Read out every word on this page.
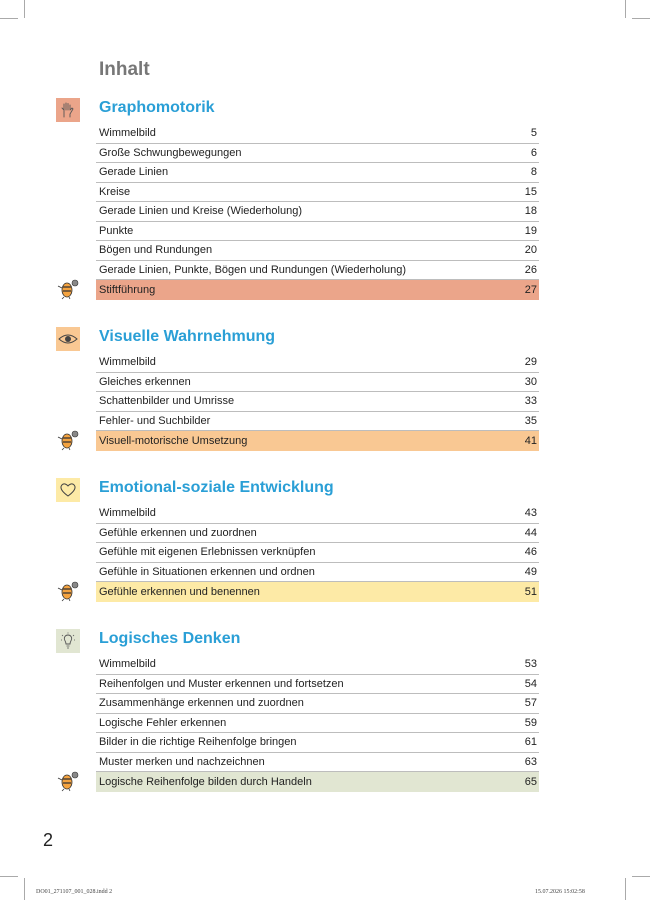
Inhalt
Graphomotorik
Wimmelbild	5
Große Schwungbewegungen	6
Gerade Linien	8
Kreise	15
Gerade Linien und Kreise (Wiederholung)	18
Punkte	19
Bögen und Rundungen	20
Gerade Linien, Punkte, Bögen und Rundungen (Wiederholung)	26
Stiftführung	27
Visuelle Wahrnehmung
Wimmelbild	29
Gleiches erkennen	30
Schattenbilder und Umrisse	33
Fehler- und Suchbilder	35
Visuell-motorische Umsetzung	41
Emotional-soziale Entwicklung
Wimmelbild	43
Gefühle erkennen und zuordnen	44
Gefühle mit eigenen Erlebnissen verknüpfen	46
Gefühle in Situationen erkennen und ordnen	49
Gefühle erkennen und benennen	51
Logisches Denken
Wimmelbild	53
Reihenfolgen und Muster erkennen und fortsetzen	54
Zusammenhänge erkennen und zuordnen	57
Logische Fehler erkennen	59
Bilder in die richtige Reihenfolge bringen	61
Muster merken und nachzeichnen	63
Logische Reihenfolge bilden durch Handeln	65
2
DO01_271107_001_028.indd 2	15.07.2026 15:02:58
